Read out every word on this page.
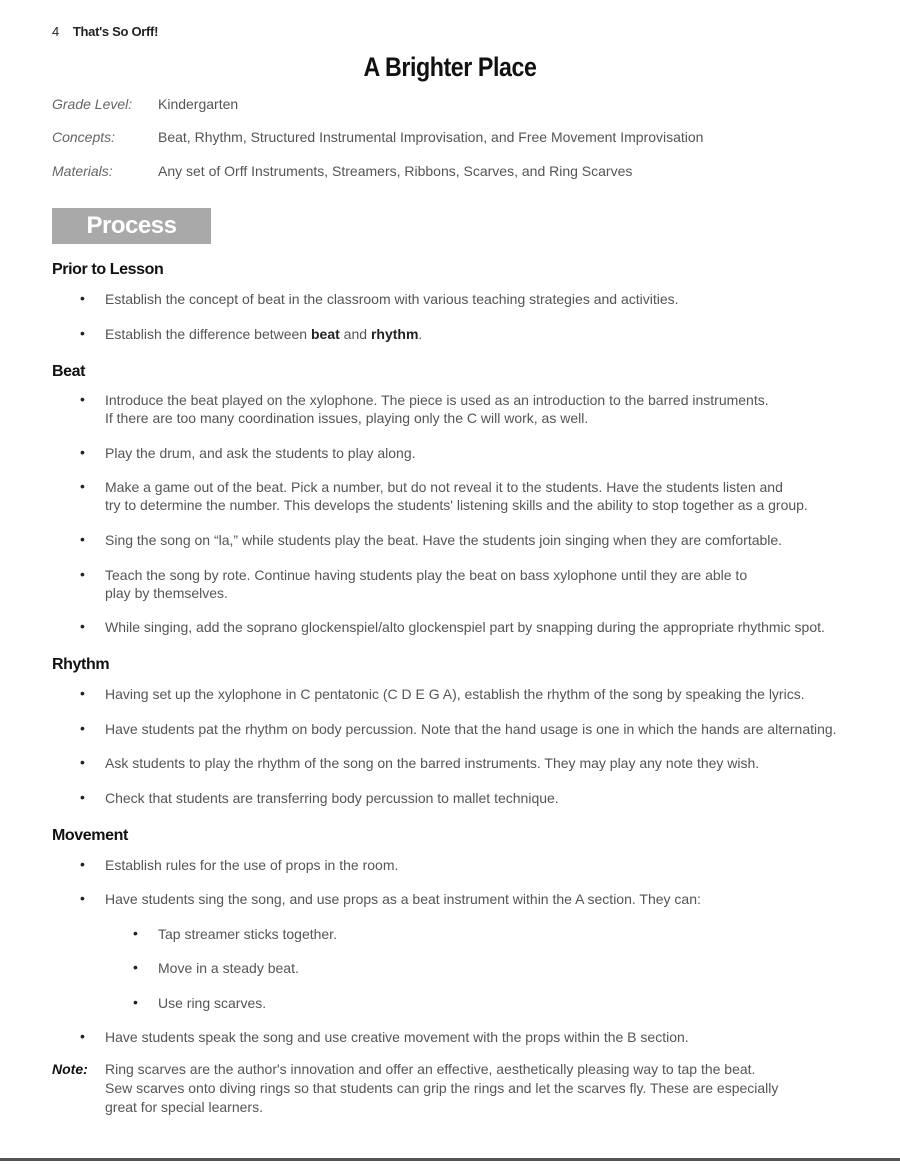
4 That's So Orff!
A Brighter Place
Grade Level: Kindergarten
Concepts:	Beat, Rhythm, Structured Instrumental Improvisation, and Free Movement Improvisation
Materials:	Any set of Orff Instruments, Streamers, Ribbons, Scarves, and Ring Scarves
Process
Prior to Lesson
• Establish the concept of beat in the classroom with various teaching strategies and activities.
• Establish the difference between beat and rhythm.
Beat
• Introduce the beat played on the xylophone. The piece is used as an introduction to the barred instruments.
If there are too many coordination issues, playing only the C will work, as well.
• Play the drum, and ask the students to play along.
• Make a game out of the beat. Pick a number, but do not reveal it to the students. Have the students listen and
try to determine the number. This develops the students' listening skills and the ability to stop together as a group.
• Sing the song on “la,” while students play the beat. Have the students join singing when they are comfortable.
• Teach the song by rote. Continue having students play the beat on bass xylophone until they are able to
play by themselves.
• While singing, add the soprano glockenspiel/alto glockenspiel part by snapping during the appropriate rhythmic spot.
Rhythm
• Having set up the xylophone in C pentatonic (C D E G A), establish the rhythm of the song by speaking the lyrics.
• Have students pat the rhythm on body percussion. Note that the hand usage is one in which the hands are alternating.
• Ask students to play the rhythm of the song on the barred instruments. They may play any note they wish.
• Check that students are transferring body percussion to mallet technique.
Movement
• Establish rules for the use of props in the room.
• Have students sing the song, and use props as a beat instrument within the A section. They can:
• Tap streamer sticks together.
• Move in a steady beat.
• Use ring scarves.
• Have students speak the song and use creative movement with the props within the B section.
Note: Ring scarves are the author's innovation and offer an effective, aesthetically pleasing way to tap the beat.
Sew scarves onto diving rings so that students can grip the rings and let the scarves fly. These are especially
great for special learners.
